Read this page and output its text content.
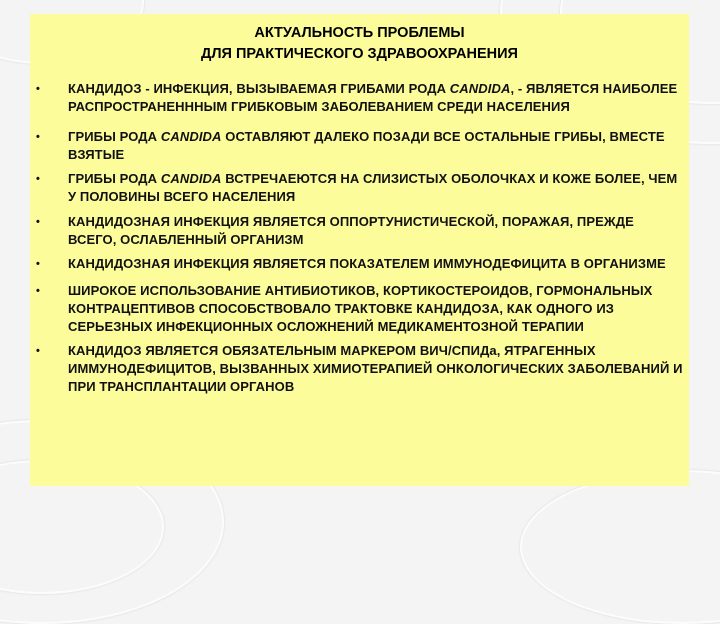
АКТУАЛЬНОСТЬ ПРОБЛЕМЫ
ДЛЯ ПРАКТИЧЕСКОГО ЗДРАВООХРАНЕНИЯ
•	КАНДИДОЗ - ИНФЕКЦИЯ, ВЫЗЫВАЕМАЯ ГРИБАМИ РОДА CANDIDA, - ЯВЛЯЕТСЯ НАИБОЛЕЕ РАСПРОСТРАНЕНННЫМ ГРИБКОВЫМ ЗАБОЛЕВАНИЕМ СРЕДИ НАСЕЛЕНИЯ
•	ГРИБЫ РОДА CANDIDA ОСТАВЛЯЮТ ДАЛЕКО ПОЗАДИ ВСЕ ОСТАЛЬНЫЕ ГРИБЫ, ВМЕСТЕ ВЗЯТЫЕ
•	ГРИБЫ РОДА CANDIDA ВСТРЕЧАЕЮТСЯ НА СЛИЗИСТЫХ ОБОЛОЧКАХ И КОЖЕ БОЛЕЕ, ЧЕМ У ПОЛОВИНЫ ВСЕГО НАСЕЛЕНИЯ
•	КАНДИДОЗНАЯ ИНФЕКЦИЯ ЯВЛЯЕТСЯ ОППОРТУНИСТИЧЕСКОЙ, ПОРАЖАЯ, ПРЕЖДЕ ВСЕГО, ОСЛАБЛЕННЫЙ ОРГАНИЗМ
•	КАНДИДОЗНАЯ ИНФЕКЦИЯ ЯВЛЯЕТСЯ ПОКАЗАТЕЛЕМ ИММУНОДЕФИЦИТА В ОРГАНИЗМЕ
•	ШИРОКОЕ ИСПОЛЬЗОВАНИЕ АНТИБИОТИКОВ, КОРТИКОСТЕРОИДОВ, ГОРМОНАЛЬНЫХ КОНТРАЦЕПТИВОВ СПОСОБСТВОВАЛО ТРАКТОВКЕ КАНДИДОЗА, КАК ОДНОГО ИЗ СЕРЬЕЗНЫХ ИНФЕКЦИОННЫХ ОСЛОЖНЕНИЙ МЕДИКАМЕНТОЗНОЙ ТЕРАПИИ
•	КАНДИДОЗ ЯВЛЯЕТСЯ ОБЯЗАТЕЛЬНЫМ МАРКЕРОМ ВИЧ/СПИДа, ЯТРАГЕННЫХ ИММУНОДЕФИЦИТОВ, ВЫЗВАННЫХ ХИМИОТЕРАПИЕЙ ОНКОЛОГИЧЕСКИХ ЗАБОЛЕВАНИЙ И ПРИ ТРАНСПЛАНТАЦИИ ОРГАНОВ
